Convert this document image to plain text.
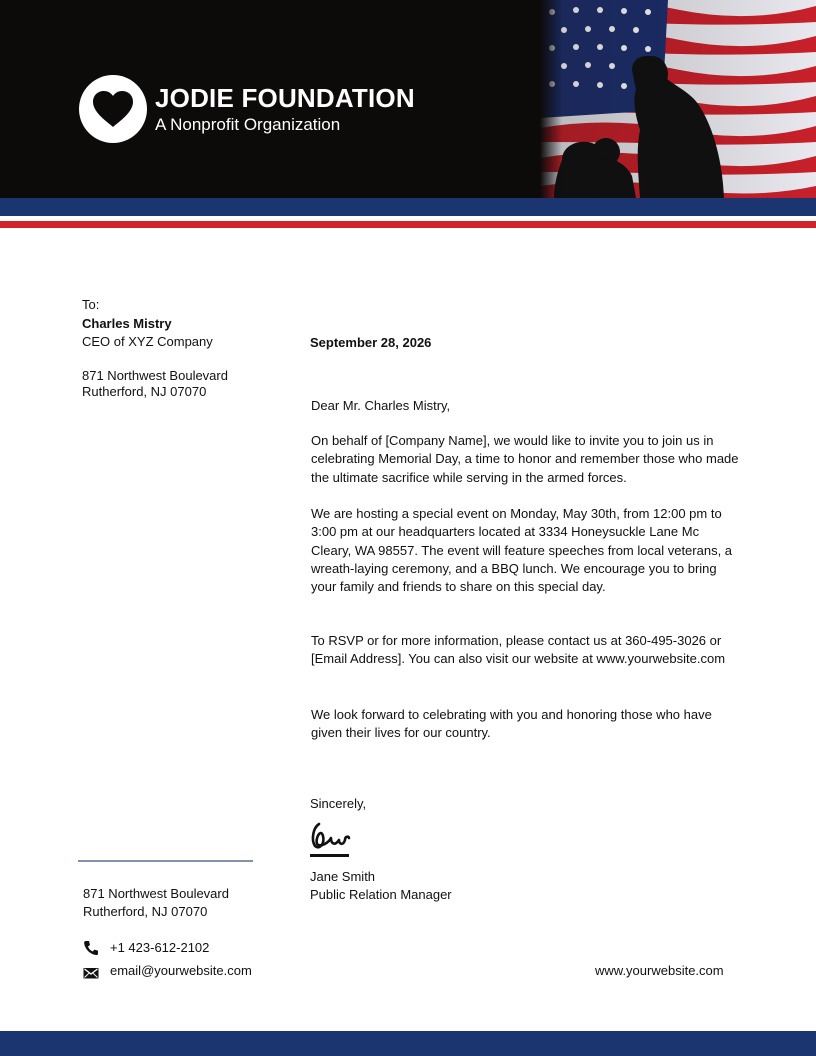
JODIE FOUNDATION
A Nonprofit Organization
To:
Charles Mistry
CEO of XYZ Company
871 Northwest Boulevard
Rutherford, NJ 07070
September 28, 2026
Dear Mr. Charles Mistry,
On behalf of [Company Name], we would like to invite you to join us in celebrating Memorial Day, a time to honor and remember those who made the ultimate sacrifice while serving in the armed forces.
We are hosting a special event on Monday, May 30th, from 12:00 pm to 3:00 pm at our headquarters located at 3334 Honeysuckle Lane Mc Cleary, WA 98557. The event will feature speeches from local veterans, a wreath-laying ceremony, and a BBQ lunch. We encourage you to bring your family and friends to share on this special day.
To RSVP or for more information, please contact us at 360-495-3026 or [Email Address]. You can also visit our website at www.yourwebsite.com
We look forward to celebrating with you and honoring those who have given their lives for our country.
Sincerely,
Jane Smith
Public Relation Manager
871 Northwest Boulevard
Rutherford, NJ 07070
+1 423-612-2102
email@yourwebsite.com	www.yourwebsite.com
